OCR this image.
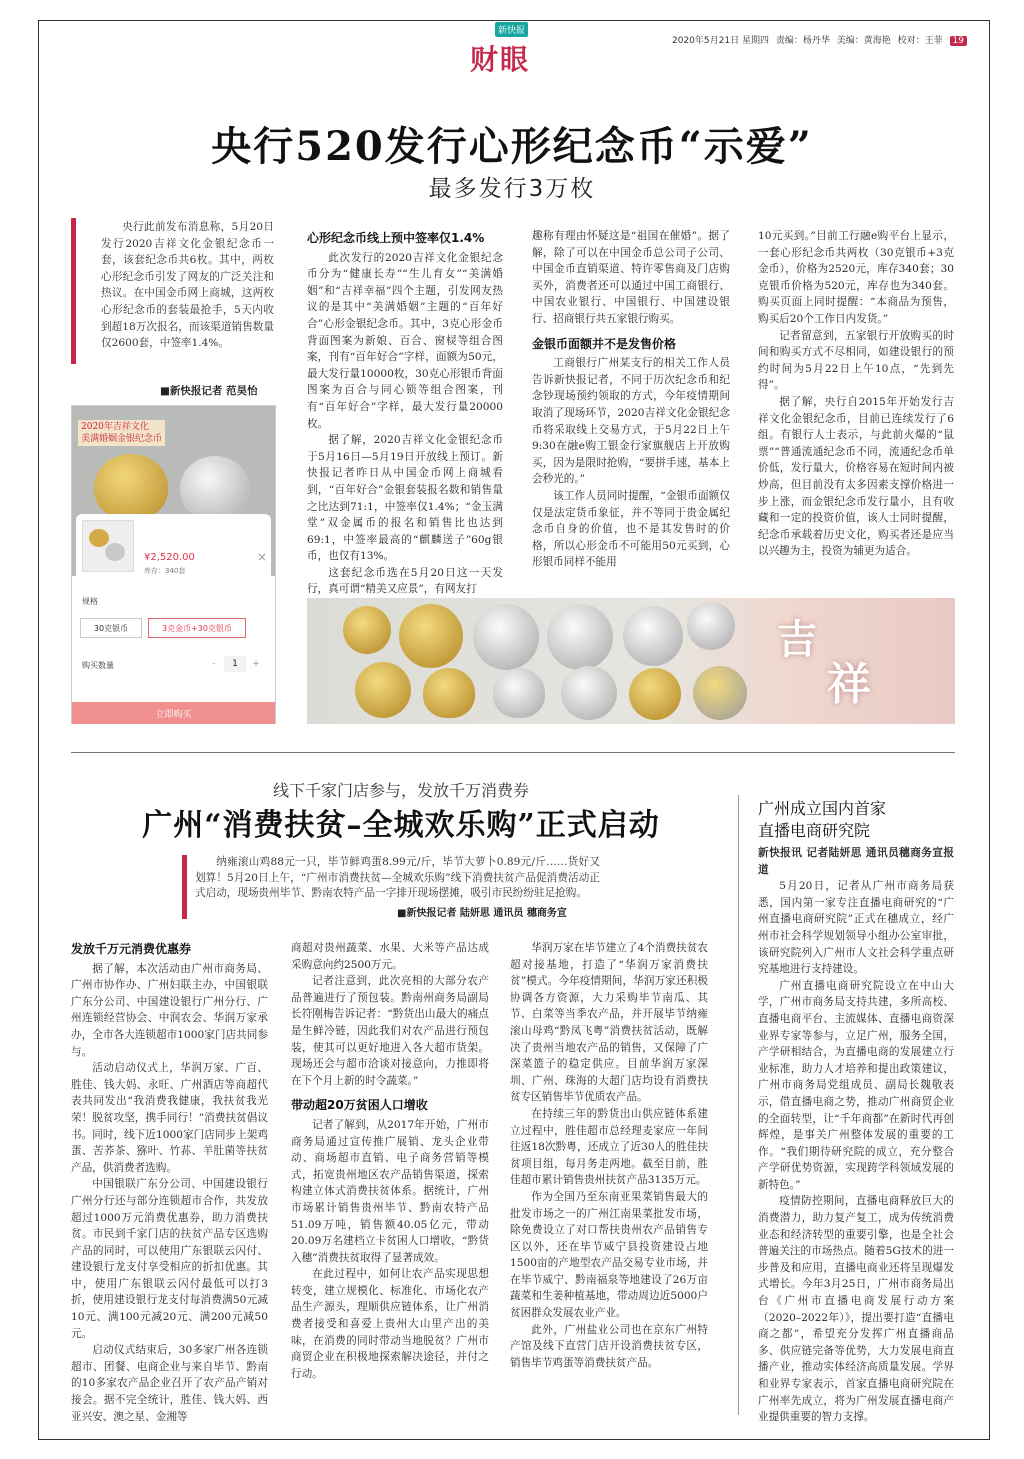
新快报
财眼
2020年5月21日 星期四 责编：杨丹华 美编：黄海艳 校对：王菲 19
央行520发行心形纪念币“示爱”
最多发行3万枚
央行此前发布消息称，5月20日发行2020吉祥文化金银纪念币一套，该套纪念币共6枚。其中，两枚心形纪念币引发了网友的广泛关注和热议。在中国金币网上商城，这两枚心形纪念币的套装最抢手，5天内收到超18万次报名，而该渠道销售数量仅2600套，中签率1.4%。
■新快报记者 范昊怡
2020年吉祥文化
美满婚姻金银纪念币
¥2,520.00
库存：340套
×
规格
30克银币	3克金币+30克银币
购买数量	-	1	+
立即购买
心形纪念币线上预中签率仅1.4%

此次发行的2020吉祥文化金银纪念币分为“健康长寿”“生儿育女”“美满婚姻”和“吉祥幸福”四个主题，引发网友热议的是其中“美满婚姻”主题的“百年好合”心形金银纪念币。其中，3克心形金币背面图案为新娘、百合、窗棂等组合图案，刊有“百年好合”字样，面额为50元，最大发行量10000枚，30克心形银币背面图案为百合与同心锁等组合图案，刊有“百年好合”字样，最大发行量20000枚。

据了解，2020吉祥文化金银纪念币于5月16日—5月19日开放线上预订。新快报记者昨日从中国金币网上商城看到，“百年好合”金银套装报名数和销售量之比达到71:1，中签率仅1.4%；“金玉满堂”双金属币的报名和销售比也达到69:1，中签率最高的“麒麟送子”60g银币，也仅有13%。

这套纪念币选在5月20日这一天发行，真可谓“精美又应景”，有网友打

趣称有理由怀疑这是“祖国在催婚”。据了解，除了可以在中国金币总公司子公司、中国金币直销渠道、特许零售商及门店购买外，消费者还可以通过中国工商银行、中国农业银行、中国银行、中国建设银行、招商银行共五家银行购买。

金银币面额并不是发售价格

工商银行广州某支行的相关工作人员告诉新快报记者，不同于历次纪念币和纪念钞现场预约领取的方式，今年疫情期间取消了现场环节，2020吉祥文化金银纪念币将采取线上交易方式，于5月22日上午9:30在融e购工银金行家旗舰店上开放购买，因为是限时抢购，“要拼手速，基本上会秒光的。”

该工作人员同时提醒，“金银币面额仅仅是法定货币象征，并不等同于贵金属纪念币自身的价值，也不是其发售时的价格，所以心形金币不可能用50元买到，心形银币同样不能用

10元买到。”目前工行融e购平台上显示，一套心形纪念币共两枚（30克银币+3克金币），价格为2520元，库存340套；30克银币价格为520元，库存也为340套。购买页面上同时提醒：“本商品为预售，购买后20个工作日内发货。”

记者留意到，五家银行开放购买的时间和购买方式不尽相同，如建设银行的预约时间为5月22日上午10点，“先到先得”。

据了解，央行自2015年开始发行吉祥文化金银纪念币，目前已连续发行了6组。有银行人士表示，与此前火爆的“鼠票”“普通流通纪念币不同，流通纪念币单价低，发行量大，价格容易在短时间内被炒高，但目前没有太多因素支撑价格进一步上涨，而金银纪念币发行量小，且有收藏和一定的投资价值，该人士同时提醒，纪念币承载着历史文化，购买者还是应当以兴趣为主，投资为辅更为适合。

吉
祥
线下千家门店参与，发放千万消费券
广州“消费扶贫–全城欢乐购”正式启动
纳雍滚山鸡88元一只，毕节鲜鸡蛋8.99元/斤，毕节大萝卜0.89元/斤……货好又划算！5月20日上午，“广州市消费扶贫—全城欢乐购”线下消费扶贫产品促消费活动正式启动，现场贵州毕节、黔南农特产品一字排开现场摆摊，吸引市民纷纷驻足抢购。
■新快报记者 陆妍思 通讯员 穗商务宣
发放千万元消费优惠券

据了解，本次活动由广州市商务局、广州市协作办、广州妇联主办，中国银联广东分公司、中国建设银行广州分行、广州连锁经营协会、中润农会、华润万家承办，全市各大连锁超市1000家门店共同参与。

活动启动仪式上，华润万家、广百、胜佳、钱大妈、永旺、广州酒店等商超代表共同发出“我消费我健康，我扶贫我光荣！脱贫攻坚，携手同行！”消费扶贫倡议书。同时，线下近1000家门店同步上架鸡蛋、苦荞茶、猕叶、竹荪、羊肚菌等扶贫产品，供消费者选购。

中国银联广东分公司、中国建设银行广州分行还与部分连锁超市合作，共发放超过1000万元消费优惠券，助力消费扶贫。市民到千家门店的扶贫产品专区选购产品的同时，可以使用广东银联云闪付、建设银行龙支付享受相应的折扣优惠。其中，使用广东银联云闪付最低可以打3折，使用建设银行龙支付每消费满50元减10元、满100元减20元、满200元减50元。

启动仪式结束后，30多家广州各连锁超市、团餐、电商企业与来自毕节、黔南的10多家农产品企业召开了农产品产销对接会。据不完全统计，胜佳、钱大妈、西亚兴安、澳之星、金湘等

商超对贵州蔬菜、水果、大米等产品达成采购意向约2500万元。

记者注意到，此次亮相的大部分农产品普遍进行了预包装。黔南州商务局副局长符刚梅告诉记者：“黔货出山最大的痛点是生鲜冷链，因此我们对农产品进行预包装，使其可以更好地进入各大超市货架。现场还会与超市洽谈对接意向，力推即将在下个月上新的时令蔬菜。”

带动超20万贫困人口增收

记者了解到，从2017年开始，广州市商务局通过宣传推广展销、龙头企业带动、商场超市直销、电子商务营销等模式，拓宽贵州地区农产品销售渠道，探索构建立体式消费扶贫体系。据统计，广州市场累计销售贵州毕节、黔南农特产品51.09万吨，销售额40.05亿元，带动20.09万名建档立卡贫困人口增收，“黔货入穗”消费扶贫取得了显著成效。

在此过程中，如何让农产品实现思想转变，建立规模化、标准化、市场化农产品生产源头，理顺供应链体系，让广州消费者接受和喜爱上贵州大山里产出的美味，在消费的同时带动当地脱贫？广州市商贸企业在积极地探索解决途径，并付之行动。

华润万家在毕节建立了4个消费扶贫农超对接基地，打造了“华润万家消费扶贫”模式。今年疫情期间，华润万家还积极协调各方资源，大力采购毕节南瓜、其节、白菜等当季农产品，并开展毕节纳雍滚山母鸡“黔凤飞粤”消费扶贫活动，既解决了贵州当地农产品的销售，又保障了广深菜篮子的稳定供应。目前华润万家深圳、广州、珠海的大超门店均设有消费扶贫专区销售毕节优质农产品。

在持续三年的黔货出山供应链体系建立过程中，胜佳超市总经理麦家应一年间往返18次黔粤，还成立了近30人的胜佳扶贫项目组，每月务走两地。截至目前，胜佳超市累计销售贵州扶贫产品3135万元。

作为全国乃至东南亚果菜销售最大的批发市场之一的广州江南果菜批发市场，除免费设立了对口帮扶贵州农产品销售专区以外，还在毕节威宁县投资建设占地1500亩的产地型农产品交易专业市场，并在毕节威宁、黔南福泉等地建设了26万亩蔬菜和生姜种植基地，带动周边近5000户贫困群众发展农业产业。

此外，广州盐业公司也在京东广州特产馆及线下直营门店开设消费扶贫专区，销售毕节鸡蛋等消费扶贫产品。

广州成立国内首家
直播电商研究院

新快报讯 记者陆妍思 通讯员穗商务宣报道

5月20日，记者从广州市商务局获悉，国内第一家专注直播电商研究的“广州直播电商研究院”正式在穗成立，经广州市社会科学规划领导小组办公室审批，该研究院列入广州市人文社会科学重点研究基地进行支持建设。

广州直播电商研究院设立在中山大学，广州市商务局支持共建，多所高校、直播电商平台、主流媒体、直播电商资深业界专家等参与，立足广州，服务全国，产学研相结合，为直播电商的发展建立行业标准，助力人才培养和提出政策建议，广州市商务局党组成员、副局长魏敬表示，借直播电商之势，推动广州商贸企业的全面转型，让“千年商都”在新时代再创辉煌，是事关广州整体发展的重要的工作。“我们期待研究院的成立，充分整合产学研优势资源，实现跨学科领域发展的新特色。”

疫情防控期间，直播电商释放巨大的消费潜力，助力复产复工，成为传统消费业态和经济转型的重要引擎，也是全社会普遍关注的市场热点。随着5G技术的进一步普及和应用，直播电商业还将呈现爆发式增长。今年3月25日，广州市商务局出台《广州市直播电商发展行动方案（2020–2022年）》，提出要打造“直播电商之都”，希望充分发挥广州直播商品多、供应链完备等优势，大力发展电商直播产业，推动实体经济高质量发展。学界和业界专家表示，首家直播电商研究院在广州率先成立，将为广州发展直播电商产业提供重要的智力支撑。
